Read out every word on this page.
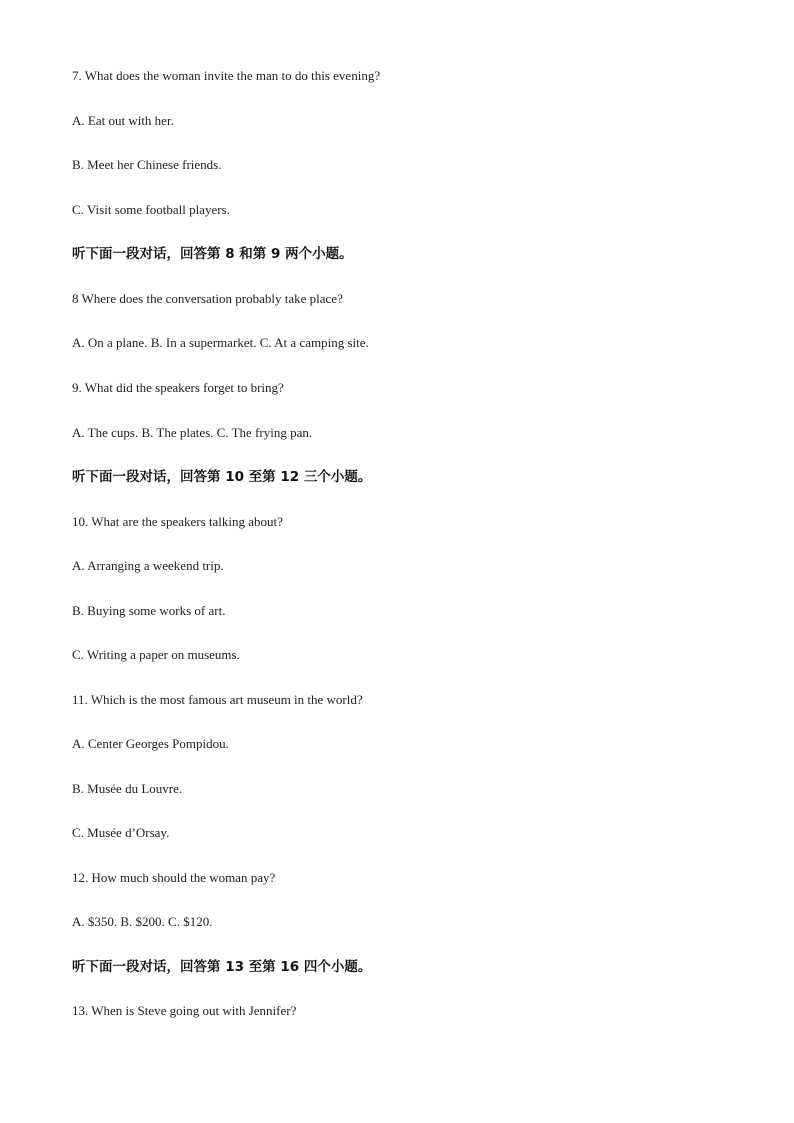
7. What does the woman invite the man to do this evening?
A. Eat out with her.
B. Meet her Chinese friends.
C. Visit some football players.
听下面一段对话，回答第 8 和第 9 两个小题。
8 Where does the conversation probably take place?
A. On a plane. B. In a supermarket. C. At a camping site.
9. What did the speakers forget to bring?
A. The cups. B. The plates. C. The frying pan.
听下面一段对话，回答第 10 至第 12 三个小题。
10. What are the speakers talking about?
A. Arranging a weekend trip.
B. Buying some works of art.
C. Writing a paper on museums.
11. Which is the most famous art museum in the world?
A. Center Georges Pompidou.
B. Musée du Louvre.
C. Musée d’Orsay.
12. How much should the woman pay?
A. $350. B. $200. C. $120.
听下面一段对话，回答第 13 至第 16 四个小题。
13. When is Steve going out with Jennifer?
